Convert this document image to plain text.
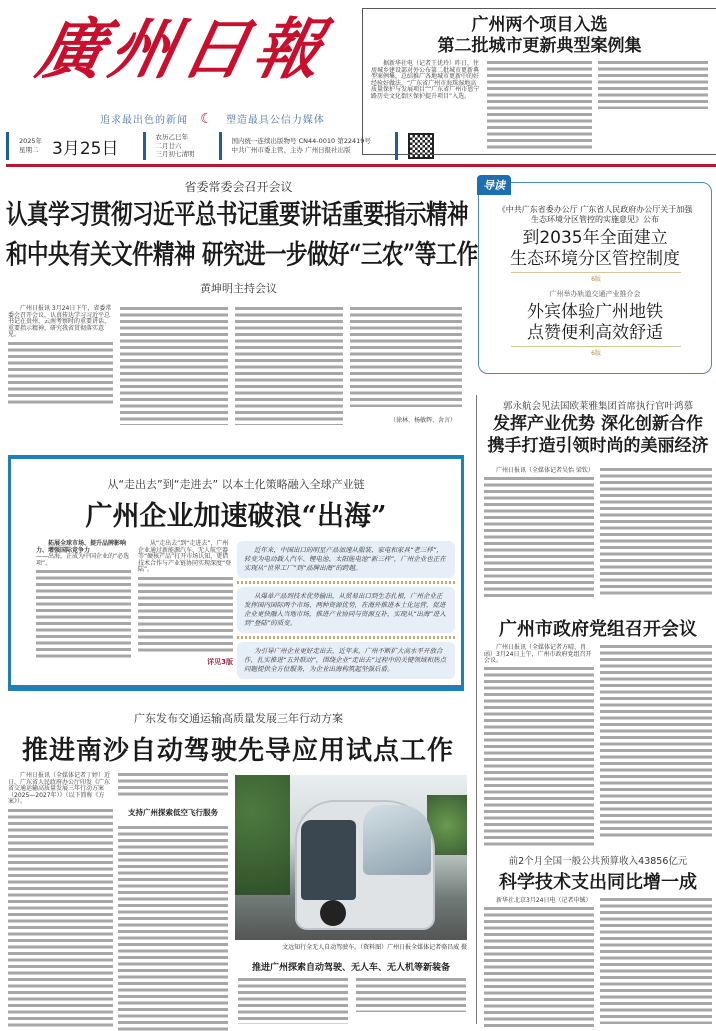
廣州日報
追求最出色的新闻 ☾ 塑造最具公信力媒体
2025年
星期二 3月25日
农历乙巳年
二月廿六
三月初七清明
国内统一连续出版物号 CN44-0010 第22419号
中共广州市委主管、主办 广州日报社出版
广州两个项目入选
第二批城市更新典型案例集
据新华社电（记者王优玲）昨日，住房城乡建设部对外公布第二批城市更新典型案例集，总结推广各地城市更新中的好经验好做法，“广东省广州市海珠湿地高质量保护与发展项目”“广东省广州市恩宁路历史文化街区保护提升项目”入选。
导读
《中共广东省委办公厅 广东省人民政府办公厅关于加强生态环境分区管控的实施意见》公布
到2035年全面建立
生态环境分区管控制度
6版
广州举办轨道交通产业推介会
外宾体验广州地铁
点赞便利高效舒适
6版
省委常委会召开会议
认真学习贯彻习近平总书记重要讲话重要指示精神
和中央有关文件精神 研究进一步做好“三农”等工作
黄坤明主持会议
广州日报讯 3月24日下午，省委常委会召开会议，认真传达学习习近平总书记在贵州、云南考察时的重要讲话、重要指示精神，研究我省贯彻落实意见。
（徐林、杨敏辉、舍言）
从“走出去”到“走进去” 以本土化策略融入全球产业链
广州企业加速破浪“出海”
拓展全球市场、提升品牌影响力、增强国际竞争力
——出海，正成为中国企业的“必选项”。
从“走出去”到“走进去”，广州企业通过新能源汽车、无人航空器等“硬核产品”打开市场认知，更借技术合作与产业链协同实现深度“登陆”。
详见3版
近年来，中国出口的明星产品加速从服装、家电和家具“老三样”，转变为电动载人汽车、锂电池、太阳能电池“新三样”，广州企业也正在实现从“世界工厂”到“品牌出海”的跨越。
从爆单产品到技术优势输出，从贸易出口到生态扎根，广州企业正发挥国内国际两个市场、两种资源优势，在海外推进本土化运营，促进企业更快融入当地市场，推进产业协同与资源互补，实现从“出海”进入到“登陆”的质变。
为引导广州企业更好走出去，近年来，广州不断扩大高水平开放合作，扎实推进“五外联动”，围绕企业“走出去”过程中的关键领域和热点问题提供全方位服务，为企业出海构筑起坚强后盾。
广东发布交通运输高质量发展三年行动方案
推进南沙自动驾驶先导应用试点工作
广州日报讯（全媒体记者丁婷）近日，广东省人民政府办公厅印发《广东省交通运输高质量发展三年行动方案（2025—2027年）》（以下简称《方案》）。
支持广州探索低空飞行服务
文远知行全无人自动驾驶车。（资料图）广州日报全媒体记者骆昌威 摄
推进广州探索自动驾驶、无人车、无人机等新装备
郭永航会见法国欧莱雅集团首席执行官叶鸿慕
发挥产业优势 深化创新合作
携手打造引领时尚的美丽经济
广州日报讯（全媒体记者吴怡 梁钦）
广州市政府党组召开会议
广州日报讯（全媒体记者方晴、肖函）3月24日上午，广州市政府党组召开会议。
前2个月全国一般公共预算收入43856亿元
科学技术支出同比增一成
新华社北京3月24日电（记者申铖）
